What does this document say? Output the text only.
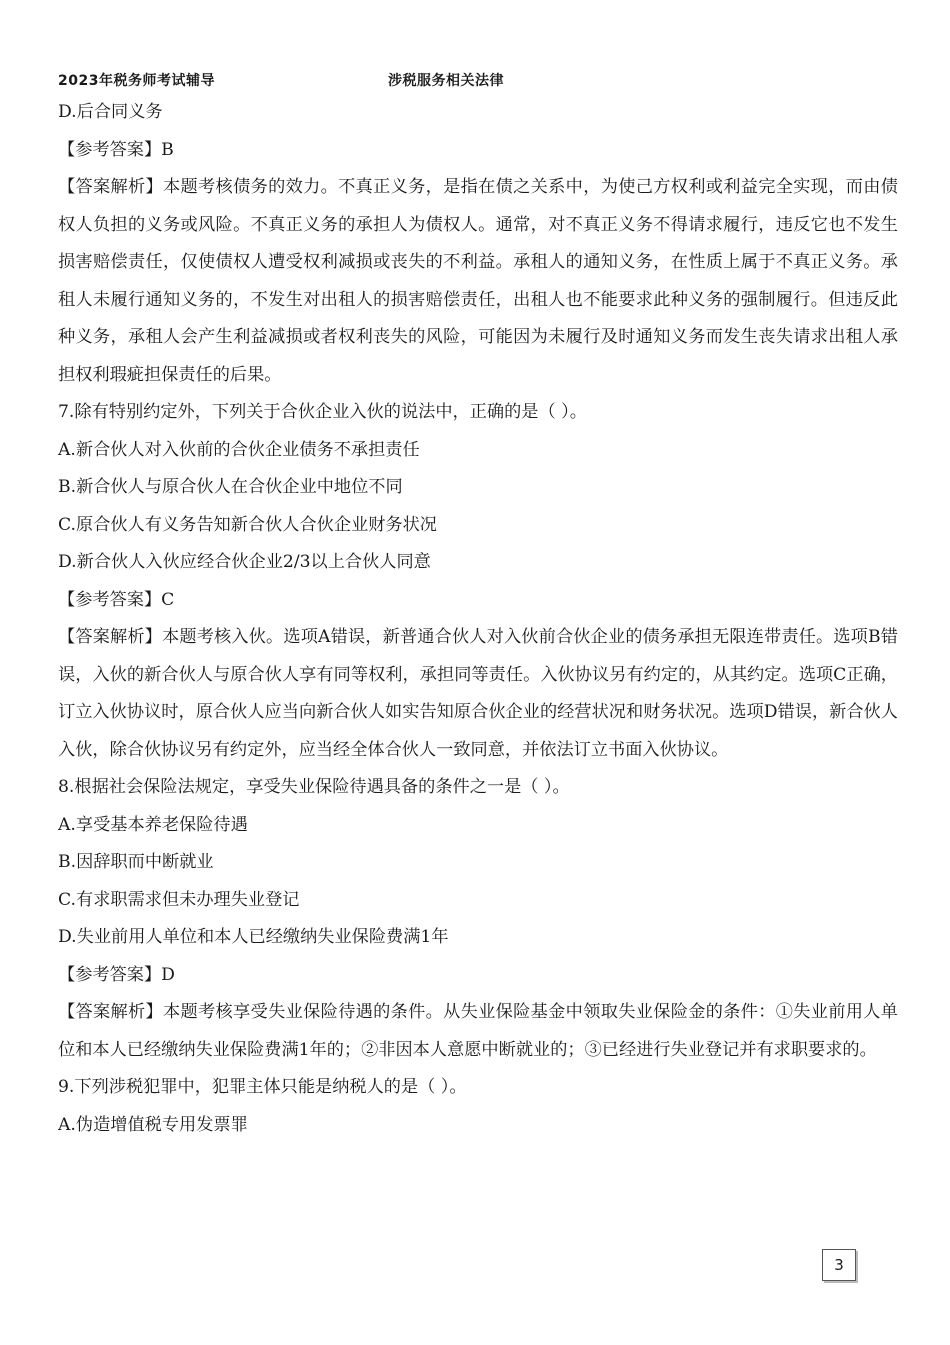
2023年税务师考试辅导	涉税服务相关法律
D.后合同义务
【参考答案】B
【答案解析】本题考核债务的效力。不真正义务，是指在债之关系中，为使己方权利或利益完全实现，而由债权人负担的义务或风险。不真正义务的承担人为债权人。通常，对不真正义务不得请求履行，违反它也不发生损害赔偿责任，仅使债权人遭受权利减损或丧失的不利益。承租人的通知义务，在性质上属于不真正义务。承租人未履行通知义务的，不发生对出租人的损害赔偿责任，出租人也不能要求此种义务的强制履行。但违反此种义务，承租人会产生利益减损或者权利丧失的风险，可能因为未履行及时通知义务而发生丧失请求出租人承担权利瑕疵担保责任的后果。
7.除有特别约定外，下列关于合伙企业入伙的说法中，正确的是（ ）。
A.新合伙人对入伙前的合伙企业债务不承担责任
B.新合伙人与原合伙人在合伙企业中地位不同
C.原合伙人有义务告知新合伙人合伙企业财务状况
D.新合伙人入伙应经合伙企业2/3以上合伙人同意
【参考答案】C
【答案解析】本题考核入伙。选项A错误，新普通合伙人对入伙前合伙企业的债务承担无限连带责任。选项B错误，入伙的新合伙人与原合伙人享有同等权利，承担同等责任。入伙协议另有约定的，从其约定。选项C正确，订立入伙协议时，原合伙人应当向新合伙人如实告知原合伙企业的经营状况和财务状况。选项D错误，新合伙人入伙，除合伙协议另有约定外，应当经全体合伙人一致同意，并依法订立书面入伙协议。
8.根据社会保险法规定，享受失业保险待遇具备的条件之一是（ ）。
A.享受基本养老保险待遇
B.因辞职而中断就业
C.有求职需求但未办理失业登记
D.失业前用人单位和本人已经缴纳失业保险费满1年
【参考答案】D
【答案解析】本题考核享受失业保险待遇的条件。从失业保险基金中领取失业保险金的条件：①失业前用人单位和本人已经缴纳失业保险费满1年的；②非因本人意愿中断就业的；③已经进行失业登记并有求职要求的。
9.下列涉税犯罪中，犯罪主体只能是纳税人的是（ ）。
A.伪造增值税专用发票罪
3
